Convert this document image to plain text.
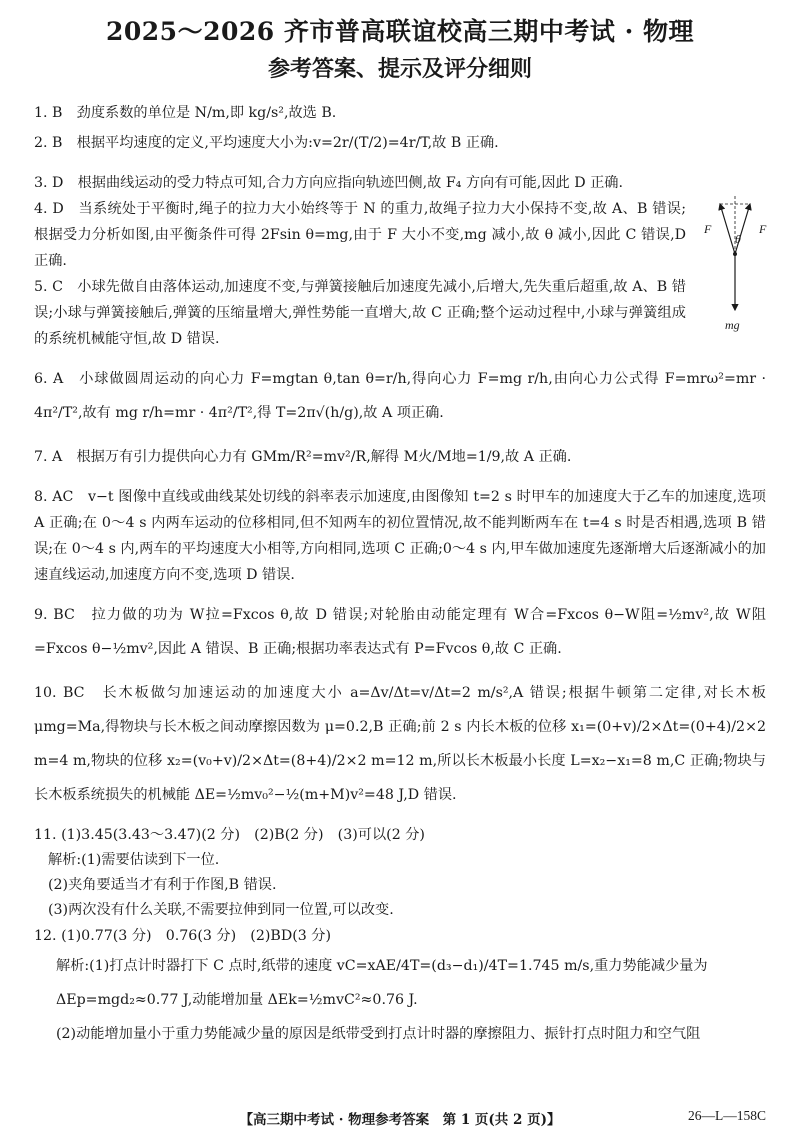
2025～2026 齐市普高联谊校高三期中考试 · 物理
参考答案、提示及评分细则
1. B　劲度系数的单位是 N/m,即 kg/s²,故选 B.
2. B　根据平均速度的定义,平均速度大小为:v=2r/(T/2)=4r/T,故 B 正确.
3. D　根据曲线运动的受力特点可知,合力方向应指向轨迹凹侧,故 F₄ 方向有可能,因此 D 正确.
4. D　当系统处于平衡时,绳子的拉力大小始终等于 N 的重力,故绳子拉力大小保持不变,故 A、B 错误;根据受力分析如图,由平衡条件可得 2Fsin θ=mg,由于 F 大小不变,mg 减小,故 θ 减小,因此 C 错误,D 正确.
5. C　小球先做自由落体运动,加速度不变,与弹簧接触后加速度先减小,后增大,先失重后超重,故 A、B 错误;小球与弹簧接触后,弹簧的压缩量增大,弹性势能一直增大,故 C 正确;整个运动过程中,小球与弹簧组成的系统机械能守恒,故 D 错误.
6. A　小球做圆周运动的向心力 F=mgtan θ,tan θ=r/h,得向心力 F=mg r/h,由向心力公式得 F=mrω²=mr · 4π²/T²,故有 mg r/h=mr · 4π²/T²,得 T=2π√(h/g),故 A 项正确.
7. A　根据万有引力提供向心力有 GMm/R²=mv²/R,解得 M火/M地=1/9,故 A 正确.
8. AC　v−t 图像中直线或曲线某处切线的斜率表示加速度,由图像知 t=2 s 时甲车的加速度大于乙车的加速度,选项 A 正确;在 0～4 s 内两车运动的位移相同,但不知两车的初位置情况,故不能判断两车在 t=4 s 时是否相遇,选项 B 错误;在 0～4 s 内,两车的平均速度大小相等,方向相同,选项 C 正确;0～4 s 内,甲车做加速度先逐渐增大后逐渐减小的加速直线运动,加速度方向不变,选项 D 错误.
9. BC　拉力做的功为 W拉=Fxcos θ,故 D 错误;对轮胎由动能定理有 W合=Fxcos θ−W阻=½mv²,故 W阻=Fxcos θ−½mv²,因此 A 错误、B 正确;根据功率表达式有 P=Fvcos θ,故 C 正确.
10. BC　长木板做匀加速运动的加速度大小 a=Δv/Δt=v/Δt=2 m/s²,A 错误;根据牛顿第二定律,对长木板 μmg=Ma,得物块与长木板之间动摩擦因数为 μ=0.2,B 正确;前 2 s 内长木板的位移 x₁=(0+v)/2×Δt=(0+4)/2×2 m=4 m,物块的位移 x₂=(v₀+v)/2×Δt=(8+4)/2×2 m=12 m,所以长木板最小长度 L=x₂−x₁=8 m,C 正确;物块与长木板系统损失的机械能 ΔE=½mv₀²−½(m+M)v²=48 J,D 错误.
11. (1)3.45(3.43～3.47)(2 分)　(2)B(2 分)　(3)可以(2 分)
解析:(1)需要估读到下一位.
(2)夹角要适当才有利于作图,B 错误.
(3)两次没有什么关联,不需要拉伸到同一位置,可以改变.
12. (1)0.77(3 分)　0.76(3 分)　(2)BD(3 分)
解析:(1)打点计时器打下 C 点时,纸带的速度 vC=xAE/4T=(d₃−d₁)/4T=1.745 m/s,重力势能减少量为 ΔEp=mgd₂≈0.77 J,动能增加量 ΔEk=½mvC²≈0.76 J.
(2)动能增加量小于重力势能减少量的原因是纸带受到打点计时器的摩擦阻力、振针打点时阻力和空气阻
F
θ
F
mg
【高三期中考试 · 物理参考答案　第 1 页(共 2 页)】	26—L—158C
